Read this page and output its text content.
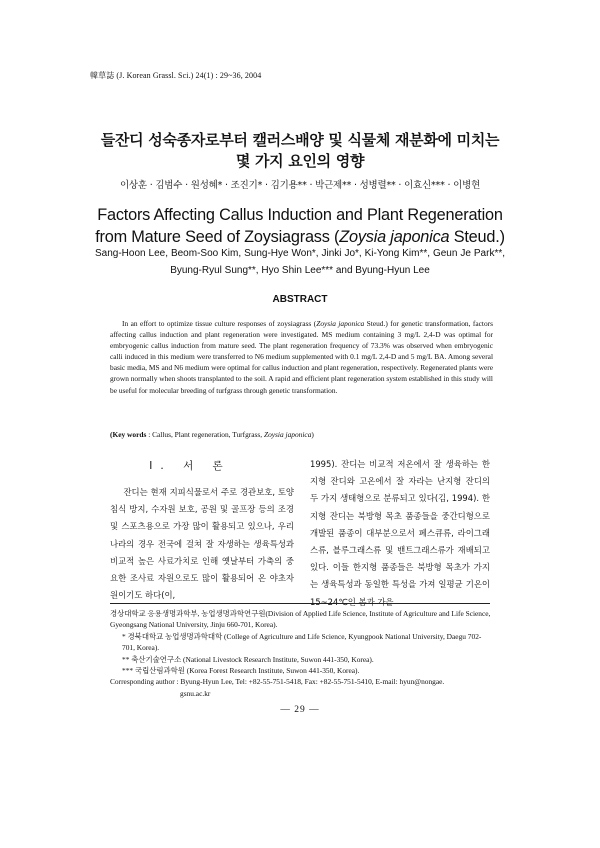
韓草誌 (J. Korean Grassl. Sci.) 24(1) : 29~36, 2004
들잔디 성숙종자로부터 캘러스배양 및 식물체 재분화에 미치는
몇 가지 요인의 영향
이상훈 · 김범수 · 원성혜* · 조진기* · 김기용** · 박근제** · 성병렬** · 이효신*** · 이병현
Factors Affecting Callus Induction and Plant Regeneration
from Mature Seed of Zoysiagrass (Zoysia japonica Steud.)
Sang-Hoon Lee, Beom-Soo Kim, Sung-Hye Won*, Jinki Jo*, Ki-Yong Kim**, Geun Je Park**, Byung-Ryul Sung**, Hyo Shin Lee*** and Byung-Hyun Lee
ABSTRACT
In an effort to optimize tissue culture responses of zoysiagrass (Zoysia japonica Steud.) for genetic transformation, factors affecting callus induction and plant regeneration were investigated. MS medium containing 3 mg/L 2,4-D was optimal for embryogenic callus induction from mature seed. The plant regeneration frequency of 73.3% was observed when embryogenic calli induced in this medium were transferred to N6 medium supplemented with 0.1 mg/L 2,4-D and 5 mg/L BA. Among several basic media, MS and N6 medium were optimal for callus induction and plant regeneration, respectively. Regenerated plants were grown normally when shoots transplanted to the soil. A rapid and efficient plant regeneration system established in this study will be useful for molecular breeding of turfgrass through genetic transformation.
(Key words : Callus, Plant regeneration, Turfgrass, Zoysia japonica)
I. 서 론

잔디는 현재 지피식물로서 주로 경관보호, 토양침식 방지, 수자원 보호, 공원 및 골프장 등의 조경 및 스포츠용으로 가장 많이 활용되고 있으나, 우리나라의 경우 전국에 걸쳐 잘 자생하는 생육특성과 비교적 높은 사료가치로 인해 옛날부터 가축의 중요한 조사료 자원으로도 많이 활용되어 온 야초자원이기도 하다(이,

1995). 잔디는 비교적 저온에서 잘 생육하는 한지형 잔디와 고온에서 잘 자라는 난지형 잔디의 두 가지 생태형으로 분류되고 있다(김, 1994). 한지형 잔디는 북방형 목초 품종들을 중간디형으로 개발된 품종이 대부분으로서 페스큐류, 라이그래스류, 블루그래스류 및 밴트그래스류가 재배되고 있다. 이들 한지형 품종들은 북방형 목초가 가지는 생육특성과 동일한 특성을 가져 일평균 기온이 15~24℃인 봄과 가을

경상대학교 응용생명과학부, 농업생명과학연구원(Division of Applied Life Science, Institute of Agriculture and Life Science, Gyeongsang National University, Jinju 660-701, Korea).

* 경북대학교 농업생명과학대학 (College of Agriculture and Life Science, Kyungpook National University, Daegu 702-701, Korea).

** 축산기술연구소 (National Livestock Research Institute, Suwon 441-350, Korea).

*** 국립산림과학원 (Korea Forest Research Institute, Suwon 441-350, Korea).

Corresponding author : Byung-Hyun Lee, Tel: +82-55-751-5418, Fax: +82-55-751-5410, E-mail: hyun@nongae.

gsnu.ac.kr

― 29 ―
